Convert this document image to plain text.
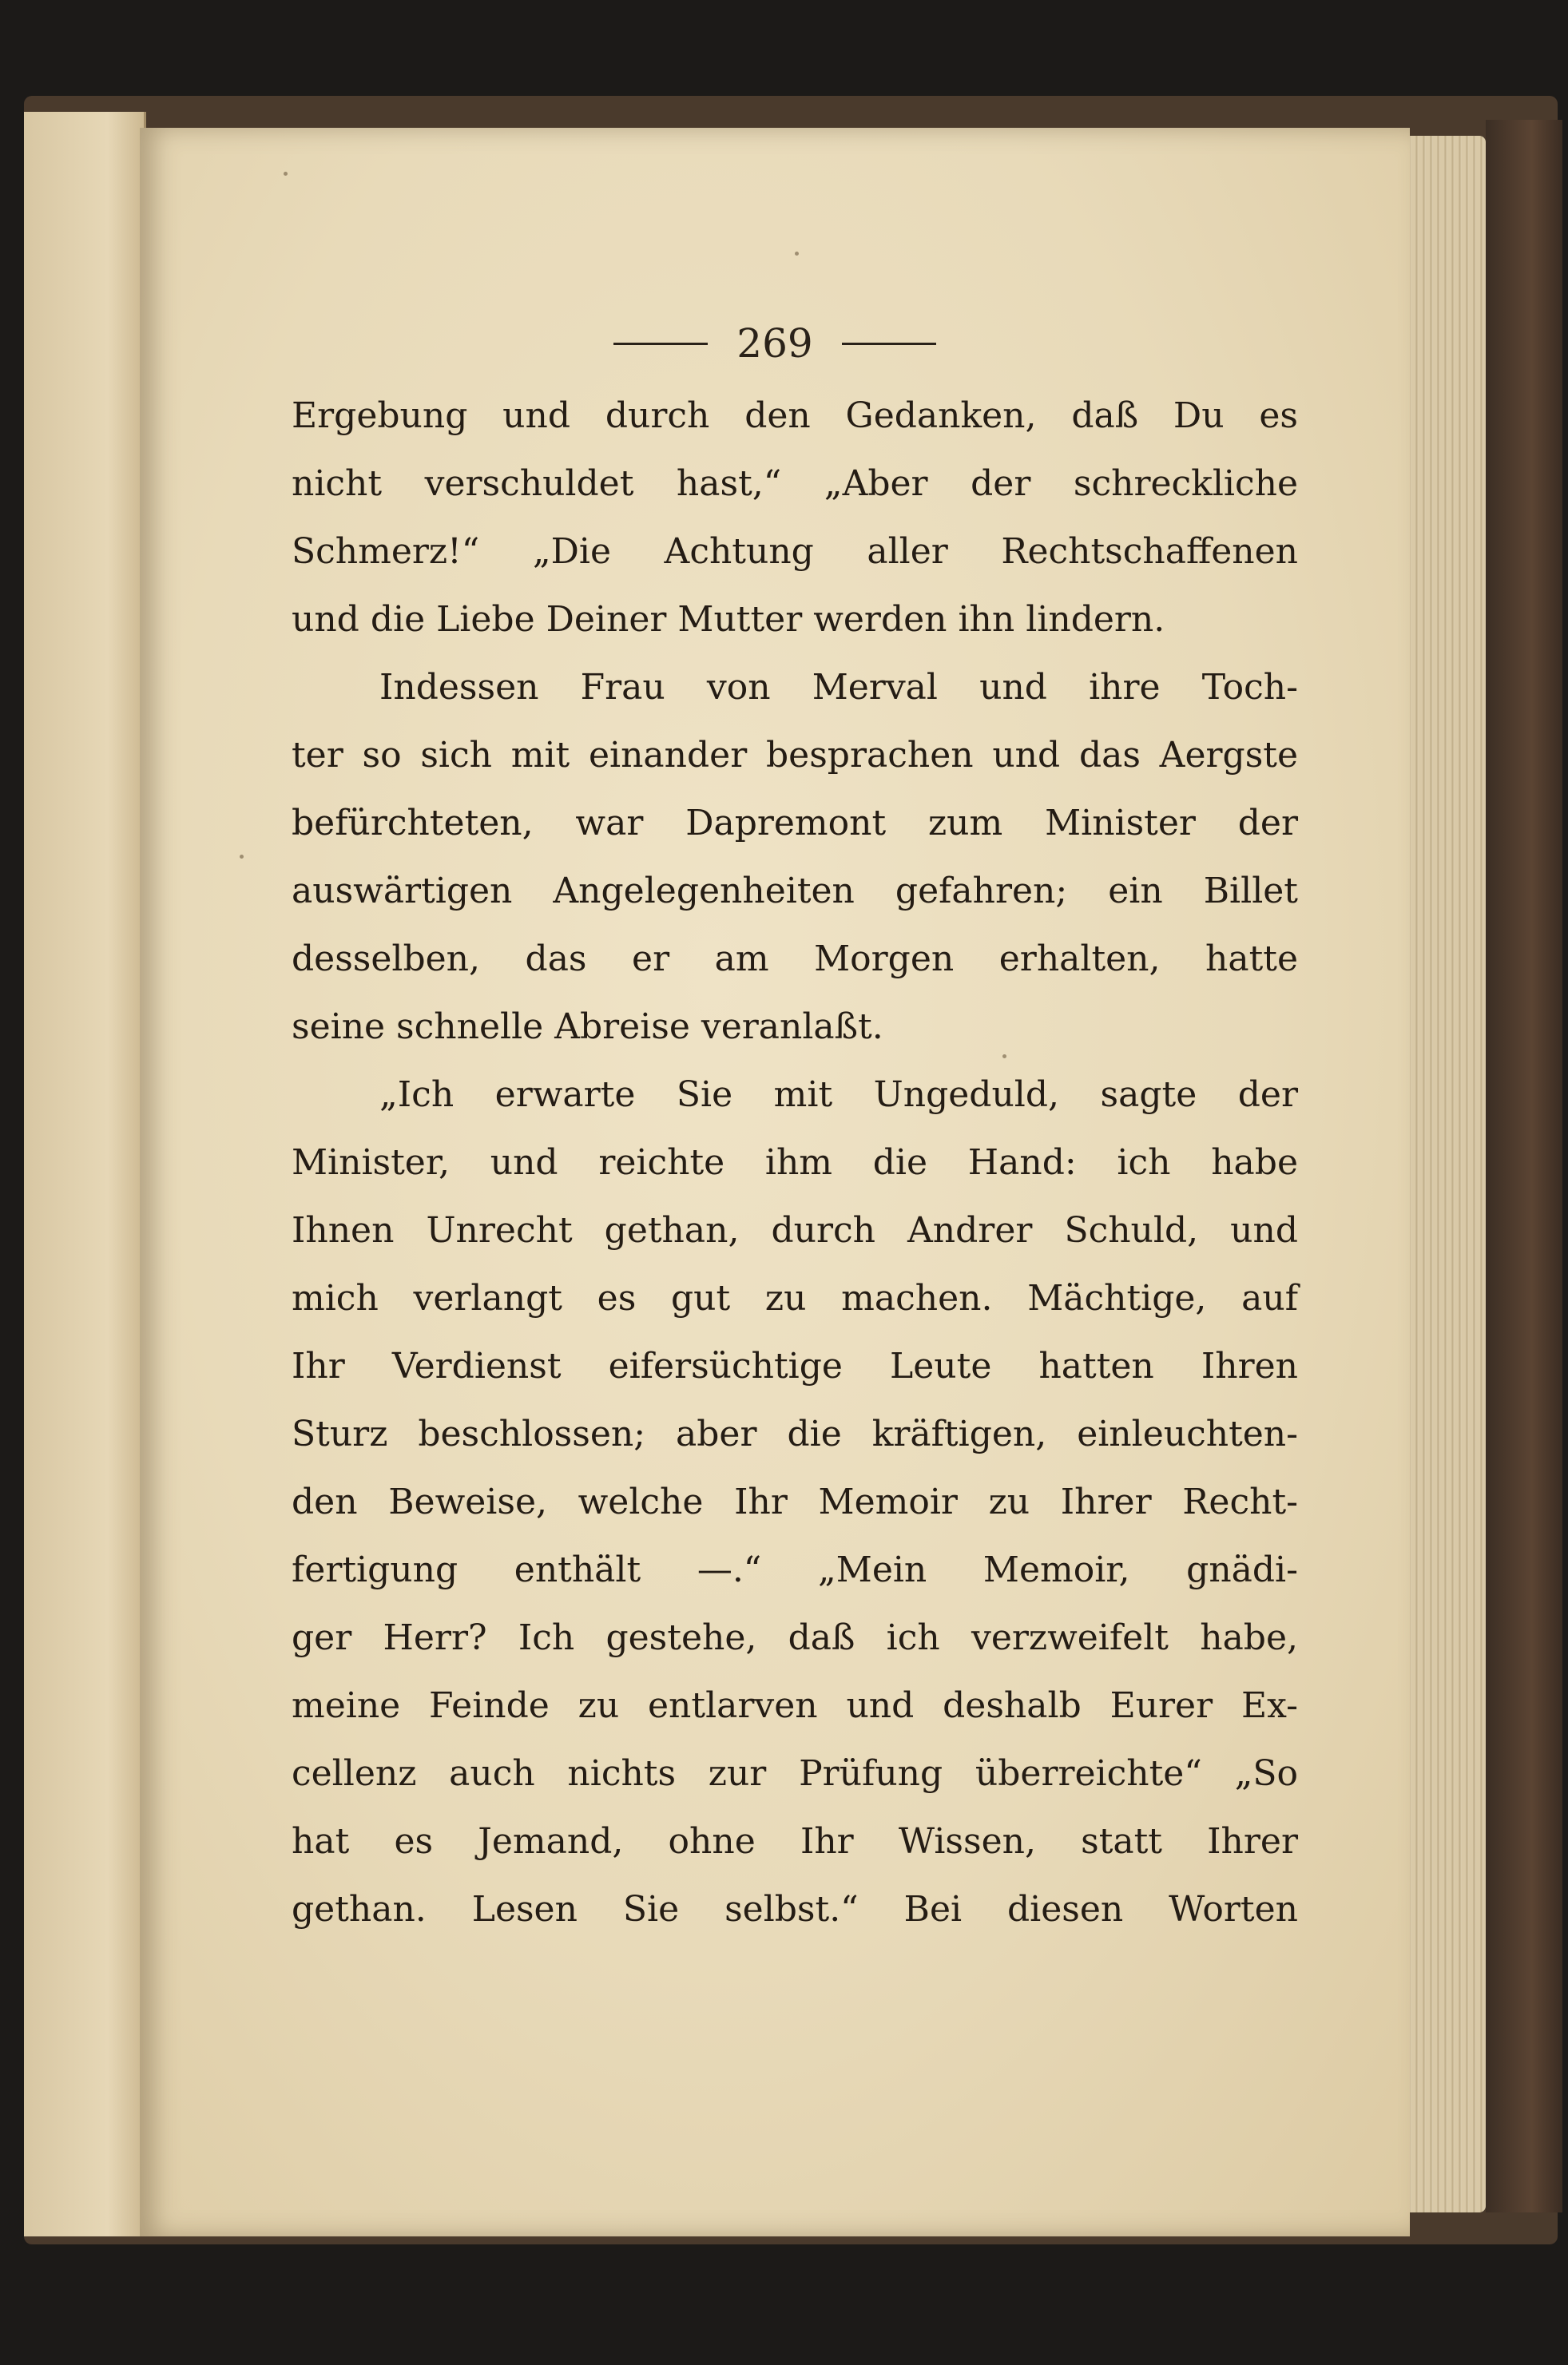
269
Ergebung und durch den Gedanken, daß Du es
nicht verschuldet hast,“ „Aber der schreckliche
Schmerz!“ „Die Achtung aller Rechtschaffenen
und die Liebe Deiner Mutter werden ihn lindern.
Indessen Frau von Merval und ihre Toch-
ter so sich mit einander besprachen und das Aergste
befürchteten, war Dapremont zum Minister der
auswärtigen Angelegenheiten gefahren; ein Billet
desselben, das er am Morgen erhalten, hatte
seine schnelle Abreise veranlaßt.
„Ich erwarte Sie mit Ungeduld, sagte der
Minister, und reichte ihm die Hand: ich habe
Ihnen Unrecht gethan, durch Andrer Schuld, und
mich verlangt es gut zu machen. Mächtige, auf
Ihr Verdienst eifersüchtige Leute hatten Ihren
Sturz beschlossen; aber die kräftigen, einleuchten-
den Beweise, welche Ihr Memoir zu Ihrer Recht-
fertigung enthält —.“ „Mein Memoir, gnädi-
ger Herr? Ich gestehe, daß ich verzweifelt habe,
meine Feinde zu entlarven und deshalb Eurer Ex-
cellenz auch nichts zur Prüfung überreichte“ „So
hat es Jemand, ohne Ihr Wissen, statt Ihrer
gethan. Lesen Sie selbst.“ Bei diesen Worten
